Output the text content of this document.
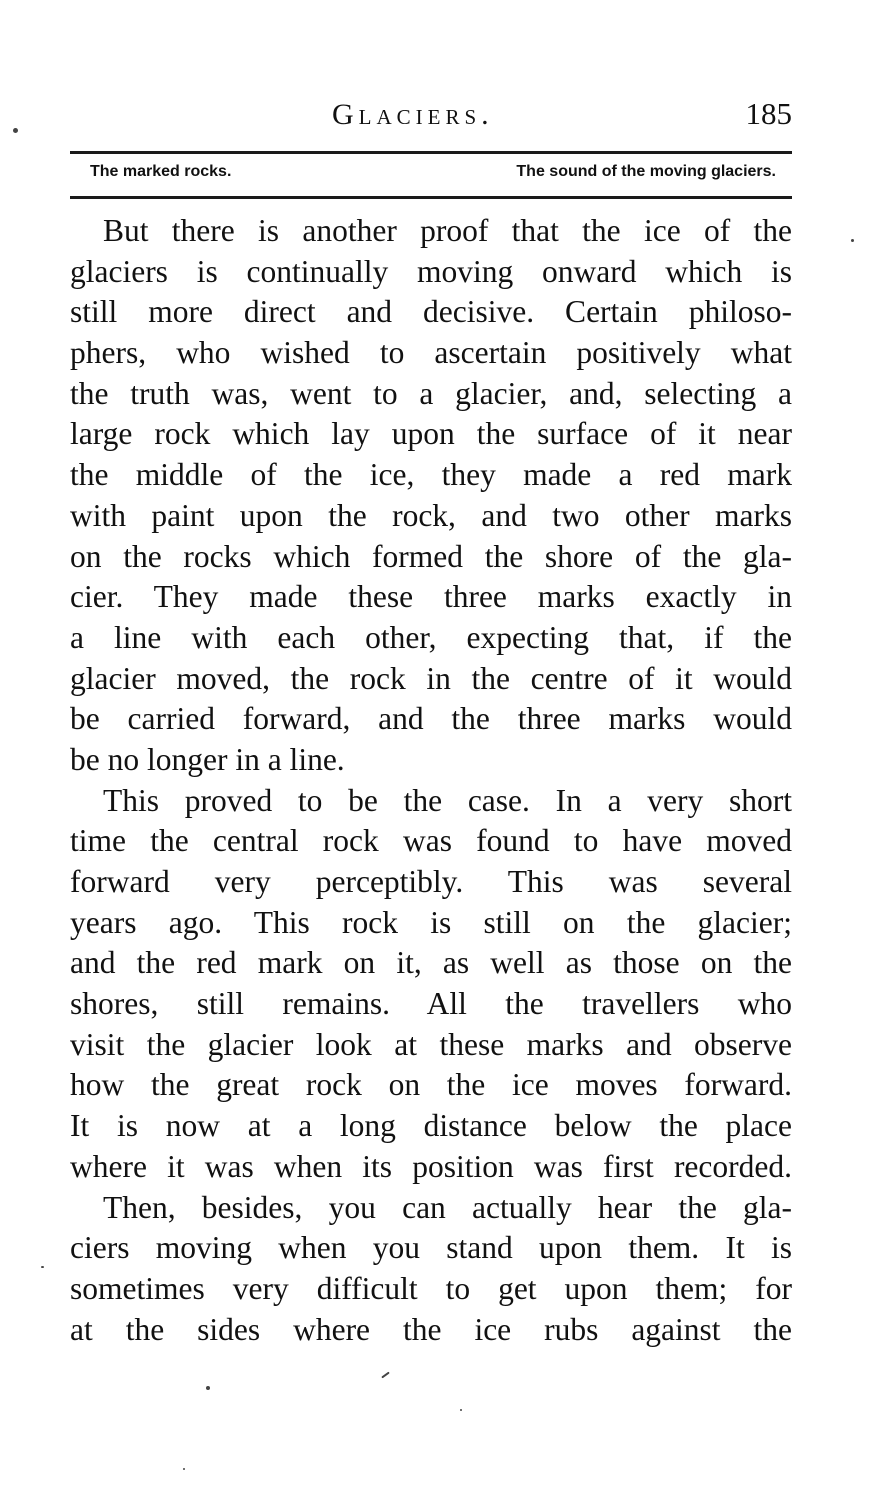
Glaciers.	185
The marked rocks.	The sound of the moving glaciers.

But there is another proof that the ice of the
glaciers is continually moving onward which is
still more direct and decisive. Certain philoso-
phers, who wished to ascertain positively what
the truth was, went to a glacier, and, selecting a
large rock which lay upon the surface of it near
the middle of the ice, they made a red mark
with paint upon the rock, and two other marks
on the rocks which formed the shore of the gla-
cier. They made these three marks exactly in
a line with each other, expecting that, if the
glacier moved, the rock in the centre of it would
be carried forward, and the three marks would
be no longer in a line.

This proved to be the case. In a very short
time the central rock was found to have moved
forward very perceptibly. This was several
years ago. This rock is still on the glacier;
and the red mark on it, as well as those on the
shores, still remains. All the travellers who
visit the glacier look at these marks and observe
how the great rock on the ice moves forward.
It is now at a long distance below the place
where it was when its position was first recorded.

Then, besides, you can actually hear the gla-
ciers moving when you stand upon them. It is
sometimes very difficult to get upon them; for
at the sides where the ice rubs against the
